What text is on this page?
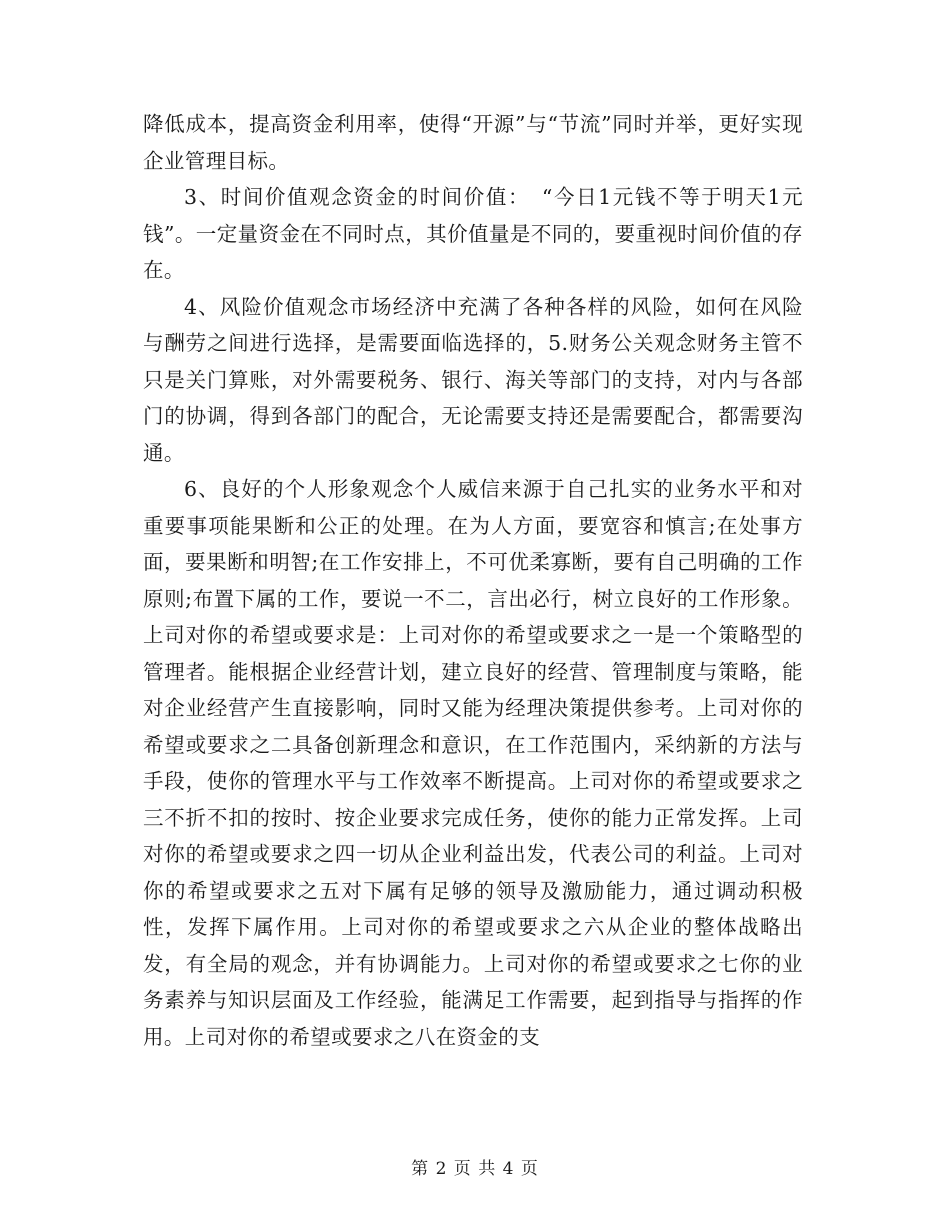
降低成本，提高资金利用率，使得“开源”与“节流”同时并举，更好实现企业管理目标。

3、时间价值观念资金的时间价值：　“今日1元钱不等于明天1元钱”。一定量资金在不同时点，其价值量是不同的，要重视时间价值的存在。

4、风险价值观念市场经济中充满了各种各样的风险，如何在风险与酬劳之间进行选择，是需要面临选择的，5.财务公关观念财务主管不只是关门算账，对外需要税务、银行、海关等部门的支持，对内与各部门的协调，得到各部门的配合，无论需要支持还是需要配合，都需要沟通。

6、良好的个人形象观念个人威信来源于自己扎实的业务水平和对重要事项能果断和公正的处理。在为人方面，要宽容和慎言;在处事方面，要果断和明智;在工作安排上，不可优柔寡断，要有自己明确的工作原则;布置下属的工作，要说一不二，言出必行，树立良好的工作形象。上司对你的希望或要求是：上司对你的希望或要求之一是一个策略型的管理者。能根据企业经营计划，建立良好的经营、管理制度与策略，能对企业经营产生直接影响，同时又能为经理决策提供参考。上司对你的希望或要求之二具备创新理念和意识，在工作范围内，采纳新的方法与手段，使你的管理水平与工作效率不断提高。上司对你的希望或要求之三不折不扣的按时、按企业要求完成任务，使你的能力正常发挥。上司对你的希望或要求之四一切从企业利益出发，代表公司的利益。上司对你的希望或要求之五对下属有足够的领导及激励能力，通过调动积极性，发挥下属作用。上司对你的希望或要求之六从企业的整体战略出发，有全局的观念，并有协调能力。上司对你的希望或要求之七你的业务素养与知识层面及工作经验，能满足工作需要，起到指导与指挥的作用。上司对你的希望或要求之八在资金的支

第 2 页 共 4 页
